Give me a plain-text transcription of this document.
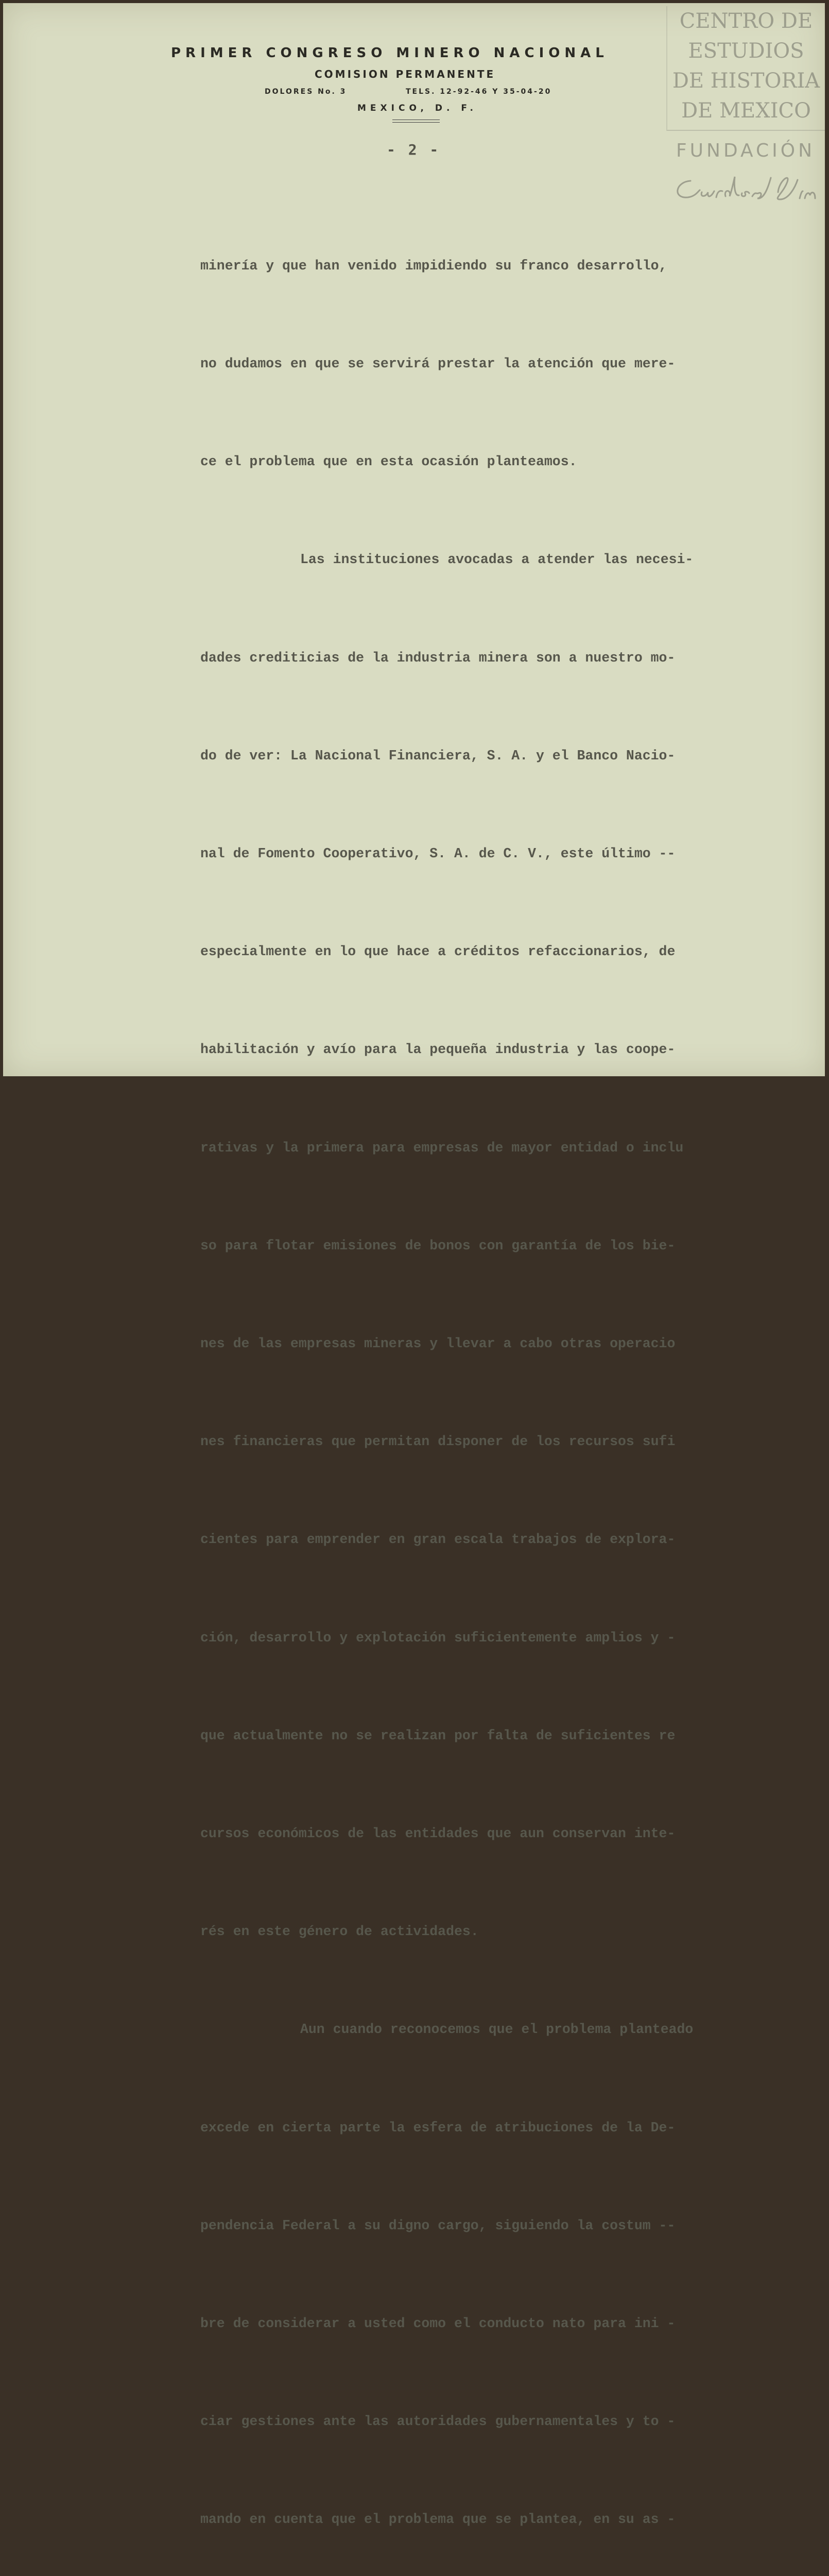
PRIMER CONGRESO MINERO NACIONAL
COMISION PERMANENTE
DOLORES No. 3	TELS. 12-92-46 Y 35-04-20
MEXICO, D. F.
CENTRO DE
ESTUDIOS
DE HISTORIA
DE MEXICO
FUNDACIÓN
- 2 -

minería y que han venido impidiendo su franco desarrollo,

no dudamos en que se servirá prestar la atención que mere-

ce el problema que en esta ocasión planteamos.

Las instituciones avocadas a atender las necesi-

dades crediticias de la industria minera son a nuestro mo-

do de ver: La Nacional Financiera, S. A. y el Banco Nacio-

nal de Fomento Cooperativo, S. A. de C. V., este último --

especialmente en lo que hace a créditos refaccionarios, de

habilitación y avío para la pequeña industria y las coope-

rativas y la primera para empresas de mayor entidad o inclu

so para flotar emisiones de bonos con garantía de los bie-

nes de las empresas mineras y llevar a cabo otras operacio

nes financieras que permitan disponer de los recursos sufi

cientes para emprender en gran escala trabajos de explora-

ción, desarrollo y explotación suficientemente amplios y -

que actualmente no se realizan por falta de suficientes re

cursos económicos de las entidades que aun conservan inte-

rés en este género de actividades.

Aun cuando reconocemos que el problema planteado

excede en cierta parte la esfera de atribuciones de la De-

pendencia Federal a su digno cargo, siguiendo la costum --

bre de considerar a usted como el conducto nato para ini -

ciar gestiones ante las autoridades gubernamentales y to -

mando en cuenta que el problema que se plantea, en su as -
